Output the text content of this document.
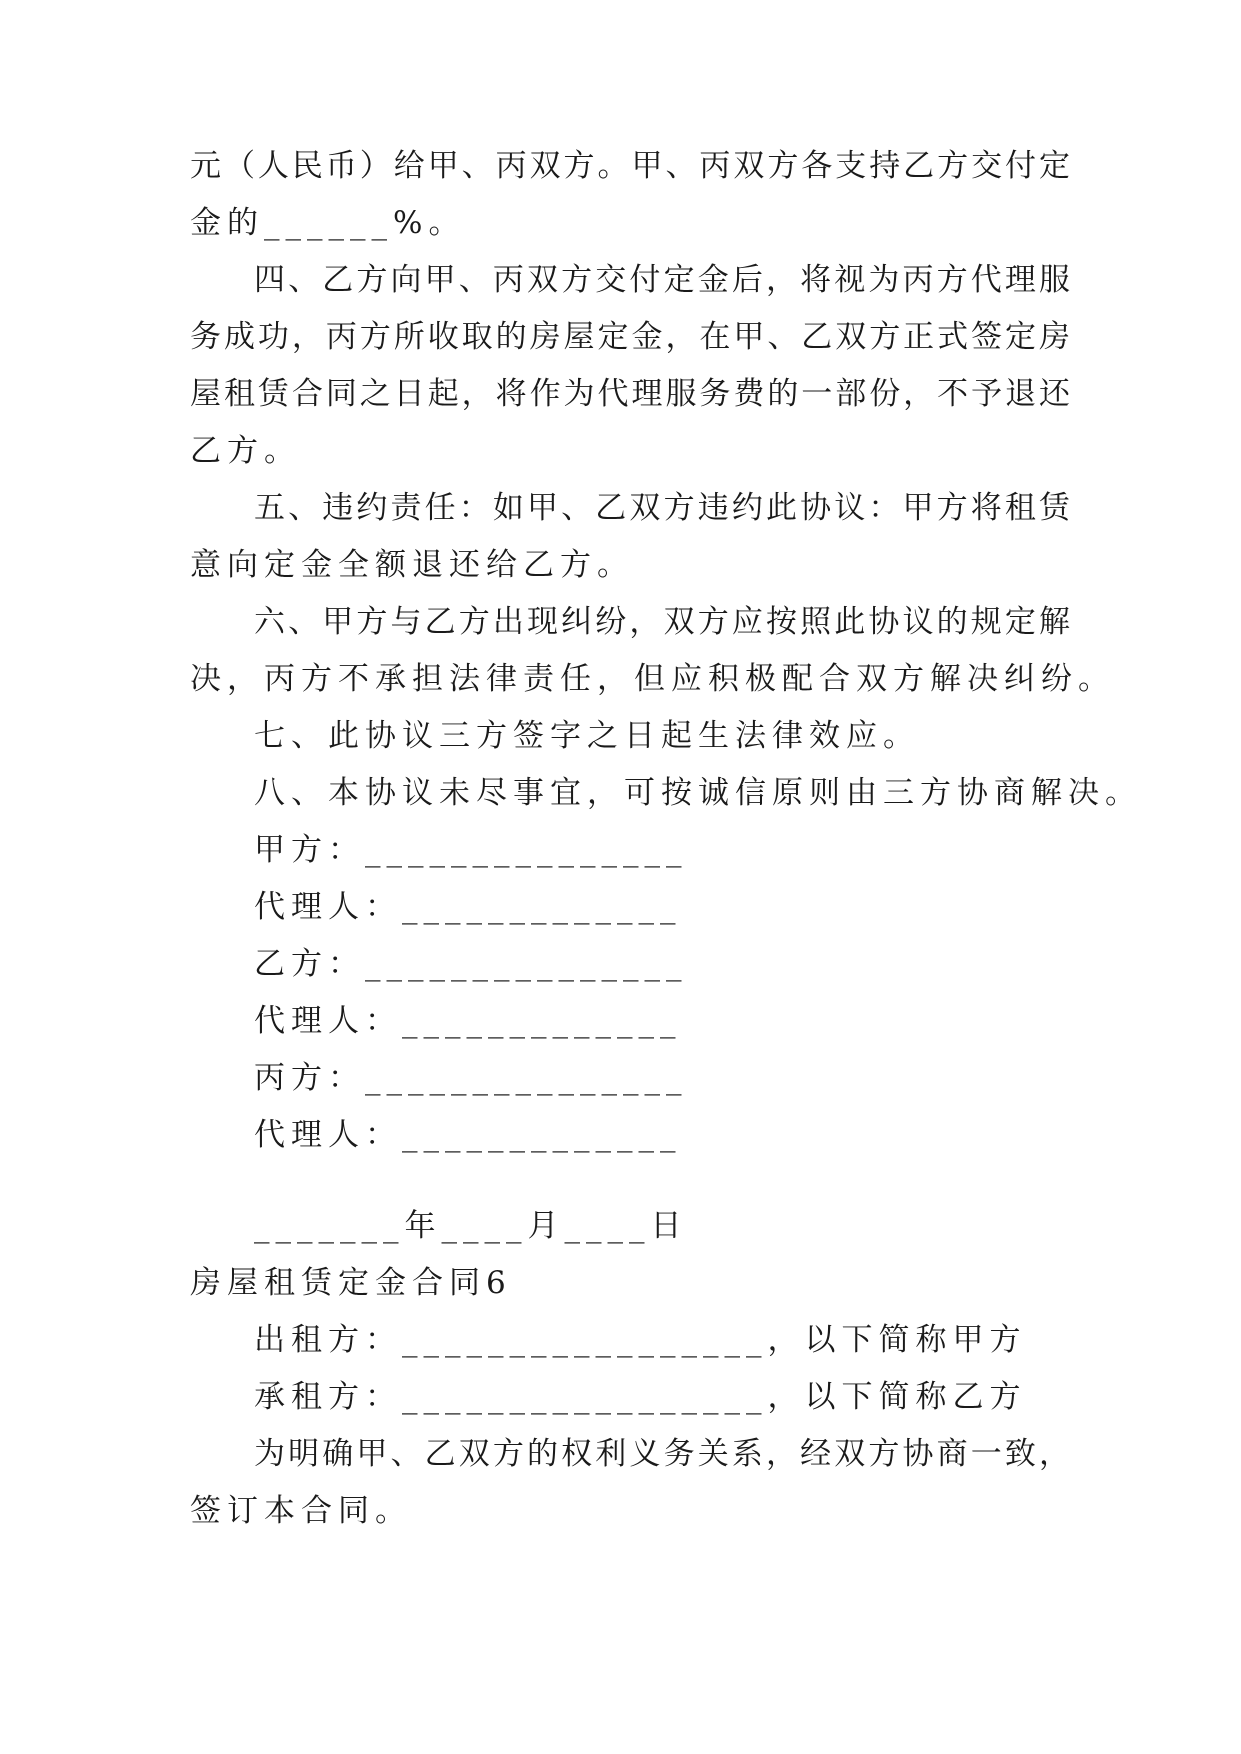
元（人民币）给甲、丙双方。甲、丙双方各支持乙方交付定
金的______%。
四、乙方向甲、丙双方交付定金后，将视为丙方代理服
务成功，丙方所收取的房屋定金，在甲、乙双方正式签定房
屋租赁合同之日起，将作为代理服务费的一部份，不予退还
乙方。
五、违约责任：如甲、乙双方违约此协议：甲方将租赁
意向定金全额退还给乙方。
六、甲方与乙方出现纠纷，双方应按照此协议的规定解
决，丙方不承担法律责任，但应积极配合双方解决纠纷。
七、此协议三方签字之日起生法律效应。
八、本协议未尽事宜，可按诚信原则由三方协商解决。
甲方：_______________
代理人：_____________
乙方：_______________
代理人：_____________
丙方：_______________
代理人：_____________
_______年____月____日
房屋租赁定金合同6
出租方：_________________，以下简称甲方
承租方：_________________，以下简称乙方
为明确甲、乙双方的权利义务关系，经双方协商一致，
签订本合同。
